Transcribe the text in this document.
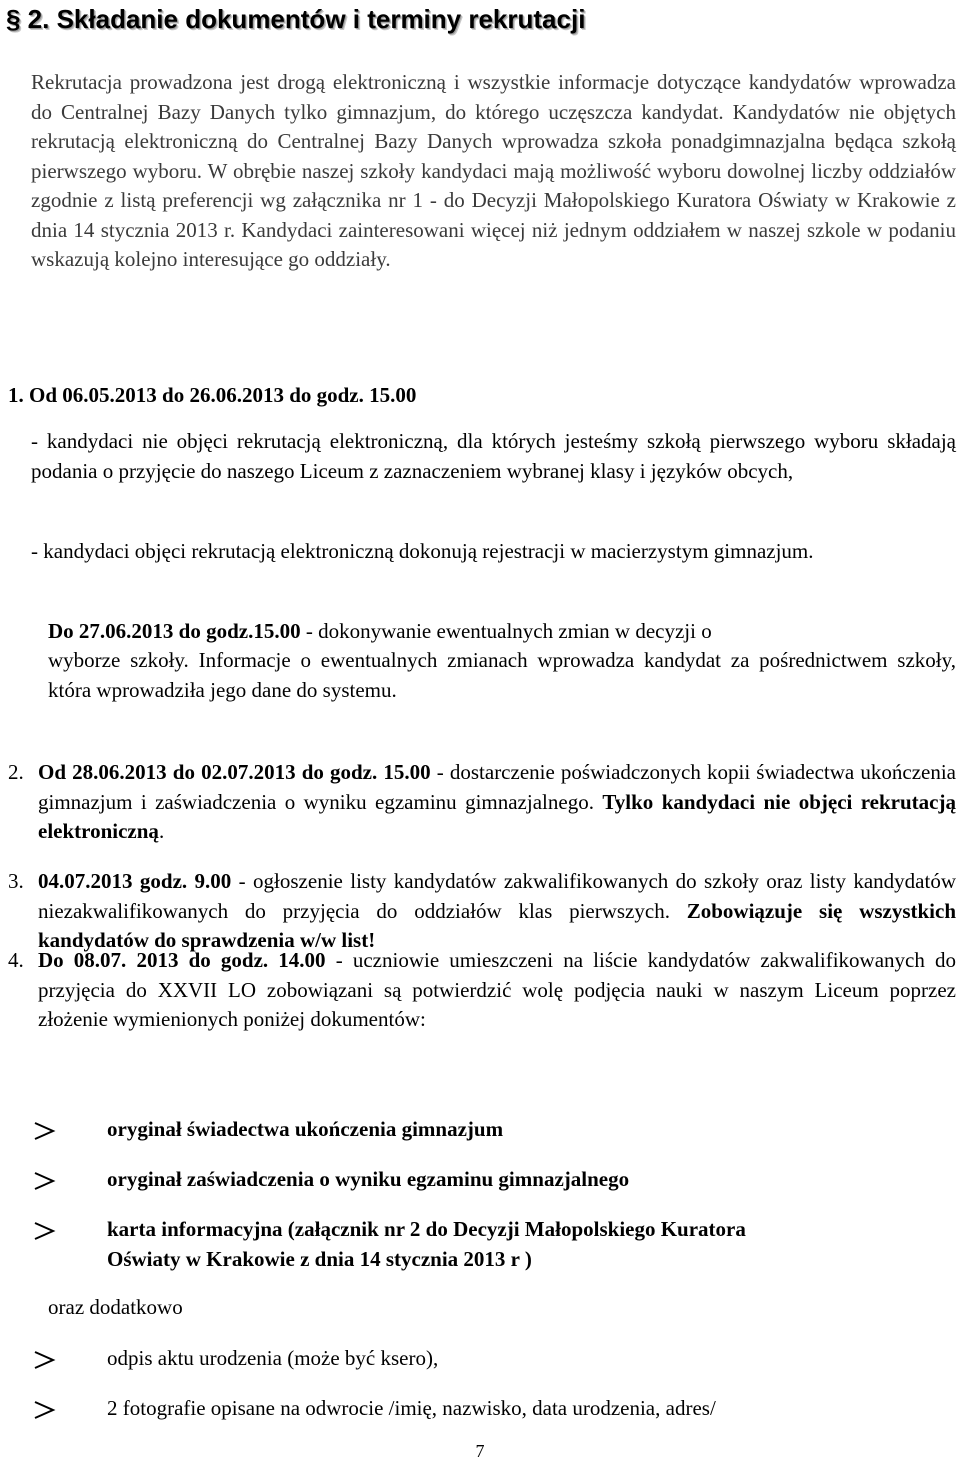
§ 2. Składanie dokumentów i terminy rekrutacji

Rekrutacja prowadzona jest drogą elektroniczną i wszystkie informacje dotyczące kandydatów wprowadza do Centralnej Bazy Danych tylko gimnazjum, do którego uczęszcza kandydat. Kandydatów nie objętych rekrutacją elektroniczną do Centralnej Bazy Danych wprowadza szkoła ponadgimnazjalna będąca szkołą pierwszego wyboru. W obrębie naszej szkoły kandydaci mają możliwość wyboru dowolnej liczby oddziałów zgodnie z listą preferencji wg załącznika nr 1 - do Decyzji Małopolskiego Kuratora Oświaty w Krakowie z dnia 14 stycznia 2013 r. Kandydaci zainteresowani więcej niż jednym oddziałem w naszej szkole w podaniu wskazują kolejno interesujące go oddziały.

1. Od 06.05.2013 do 26.06.2013 do godz. 15.00

- kandydaci nie objęci rekrutacją elektroniczną, dla których jesteśmy szkołą pierwszego wyboru składają podania o przyjęcie do naszego Liceum z zaznaczeniem wybranej klasy i języków obcych,

- kandydaci objęci rekrutacją elektroniczną dokonują rejestracji w macierzystym gimnazjum.

Do 27.06.2013 do godz.15.00 - dokonywanie ewentualnych zmian w decyzji o

wyborze szkoły. Informacje o ewentualnych zmianach wprowadza kandydat za pośrednictwem szkoły, która wprowadziła jego dane do systemu.

2. Od 28.06.2013 do 02.07.2013 do godz. 15.00 - dostarczenie poświadczonych kopii świadectwa ukończenia gimnazjum i zaświadczenia o wyniku egzaminu gimnazjalnego. Tylko kandydaci nie objęci rekrutacją elektroniczną.

3. 04.07.2013 godz. 9.00 - ogłoszenie listy kandydatów zakwalifikowanych do szkoły oraz listy kandydatów niezakwalifikowanych do przyjęcia do oddziałów klas pierwszych. Zobowiązuje się wszystkich kandydatów do sprawdzenia w/w list!

4. Do 08.07. 2013 do godz. 14.00 - uczniowie umieszczeni na liście kandydatów zakwalifikowanych do przyjęcia do XXVII LO zobowiązani są potwierdzić wolę podjęcia nauki w naszym Liceum poprzez złożenie wymienionych poniżej dokumentów:

oryginał świadectwa ukończenia gimnazjum

oryginał zaświadczenia o wyniku egzaminu gimnazjalnego

karta informacyjna (załącznik nr 2 do Decyzji Małopolskiego Kuratora

Oświaty w Krakowie z dnia 14 stycznia 2013 r )

oraz dodatkowo

odpis aktu urodzenia (może być ksero),

2 fotografie opisane na odwrocie /imię, nazwisko, data urodzenia, adres/

7
